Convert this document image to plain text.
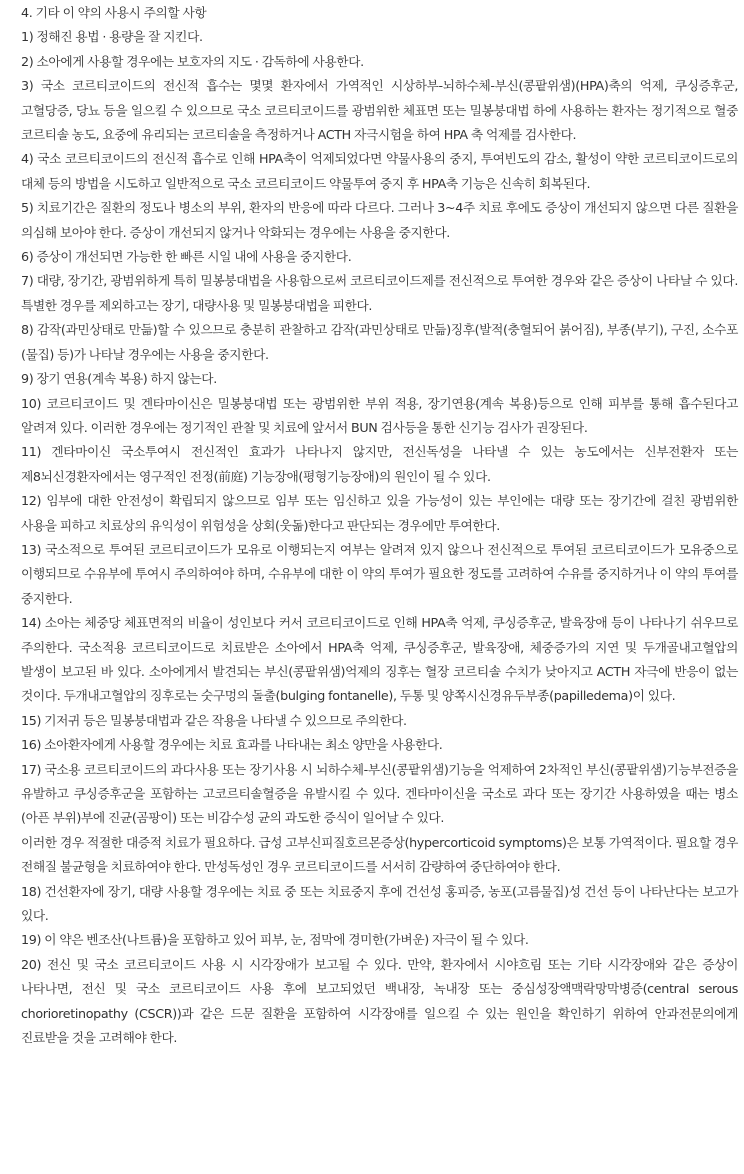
4. 기타 이 약의 사용시 주의할 사항

1) 정해진 용법 · 용량을 잘 지킨다.

2) 소아에게 사용할 경우에는 보호자의 지도 · 감독하에 사용한다.

3) 국소 코르티코이드의 전신적 흡수는 몇몇 환자에서 가역적인 시상하부-뇌하수체-부신(콩팥위샘)(HPA)축의 억제, 쿠싱증후군, 고혈당증, 당뇨 등을 일으킬 수 있으므로 국소 코르티코이드를 광범위한 체표면 또는 밀봉붕대법 하에 사용하는 환자는 정기적으로 혈중 코르티솔 농도, 요중에 유리되는 코르티솔을 측정하거나 ACTH 자극시험을 하여 HPA 축 억제를 검사한다.

4) 국소 코르티코이드의 전신적 흡수로 인해 HPA축이 억제되었다면 약물사용의 중지, 투여빈도의 감소, 활성이 약한 코르티코이드로의 대체 등의 방법을 시도하고 일반적으로 국소 코르티코이드 약물투여 중지 후 HPA축 기능은 신속히 회복된다.

5) 치료기간은 질환의 정도나 병소의 부위, 환자의 반응에 따라 다르다. 그러나 3~4주 치료 후에도 증상이 개선되지 않으면 다른 질환을 의심해 보아야 한다. 증상이 개선되지 않거나 악화되는 경우에는 사용을 중지한다.

6) 증상이 개선되면 가능한 한 빠른 시일 내에 사용을 중지한다.

7) 대량, 장기간, 광범위하게 특히 밀봉붕대법을 사용함으로써 코르티코이드제를 전신적으로 투여한 경우와 같은 증상이 나타날 수 있다. 특별한 경우를 제외하고는 장기, 대량사용 및 밀봉붕대법을 피한다.

8) 감작(과민상태로 만듦)할 수 있으므로 충분히 관찰하고 감작(과민상태로 만듦)징후(발적(충혈되어 붉어짐), 부종(부기), 구진, 소수포(물집) 등)가 나타날 경우에는 사용을 중지한다.

9) 장기 연용(계속 복용) 하지 않는다.

10) 코르티코이드 및 겐타마이신은 밀봉붕대법 또는 광범위한 부위 적용, 장기연용(계속 복용)등으로 인해 피부를 통해 흡수된다고 알려져 있다. 이러한 경우에는 정기적인 관찰 및 치료에 앞서서 BUN 검사등을 통한 신기능 검사가 권장된다.

11) 겐타마이신 국소투여시 전신적인 효과가 나타나지 않지만, 전신독성을 나타낼 수 있는 농도에서는 신부전환자 또는 제8뇌신경환자에서는 영구적인 전정(前庭) 기능장애(평형기능장애)의 원인이 될 수 있다.

12) 임부에 대한 안전성이 확립되지 않으므로 임부 또는 임신하고 있을 가능성이 있는 부인에는 대량 또는 장기간에 걸친 광범위한 사용을 피하고 치료상의 유익성이 위험성을 상회(웃돎)한다고 판단되는 경우에만 투여한다.

13) 국소적으로 투여된 코르티코이드가 모유로 이행되는지 여부는 알려져 있지 않으나 전신적으로 투여된 코르티코이드가 모유중으로 이행되므로 수유부에 투여시 주의하여야 하며, 수유부에 대한 이 약의 투여가 필요한 정도를 고려하여 수유를 중지하거나 이 약의 투여를 중지한다.

14) 소아는 체중당 체표면적의 비율이 성인보다 커서 코르티코이드로 인해 HPA축 억제, 쿠싱증후군, 발육장애 등이 나타나기 쉬우므로 주의한다. 국소적용 코르티코이드로 치료받은 소아에서 HPA축 억제, 쿠싱증후군, 발육장애, 체중증가의 지연 및 두개골내고혈압의 발생이 보고된 바 있다. 소아에게서 발견되는 부신(콩팥위샘)억제의 징후는 혈장 코르티솔 수치가 낮아지고 ACTH 자극에 반응이 없는 것이다. 두개내고혈압의 징후로는 숫구멍의 돌출(bulging fontanelle), 두통 및 양쪽시신경유두부종(papilledema)이 있다.

15) 기저귀 등은 밀봉붕대법과 같은 작용을 나타낼 수 있으므로 주의한다.

16) 소아환자에게 사용할 경우에는 치료 효과를 나타내는 최소 양만을 사용한다.

17) 국소용 코르티코이드의 과다사용 또는 장기사용 시 뇌하수체-부신(콩팥위샘)기능을 억제하여 2차적인 부신(콩팥위샘)기능부전증을 유발하고 쿠싱증후군을 포함하는 고코르티솔혈증을 유발시킬 수 있다. 겐타마이신을 국소로 과다 또는 장기간 사용하였을 때는 병소(아픈 부위)부에 진균(곰팡이) 또는 비감수성 균의 과도한 증식이 일어날 수 있다.

이러한 경우 적절한 대증적 치료가 필요하다. 급성 고부신피질호르몬증상(hypercorticoid symptoms)은 보통 가역적이다. 필요할 경우 전해질 불균형을 치료하여야 한다. 만성독성인 경우 코르티코이드를 서서히 감량하여 중단하여야 한다.

18) 건선환자에 장기, 대량 사용할 경우에는 치료 중 또는 치료중지 후에 건선성 홍피증, 농포(고름물집)성 건선 등이 나타난다는 보고가 있다.

19) 이 약은 벤조산(나트륨)을 포함하고 있어 피부, 눈, 점막에 경미한(가벼운) 자극이 될 수 있다.

20) 전신 및 국소 코르티코이드 사용 시 시각장애가 보고될 수 있다. 만약, 환자에서 시야흐림 또는 기타 시각장애와 같은 증상이 나타나면, 전신 및 국소 코르티코이드 사용 후에 보고되었던 백내장, 녹내장 또는 중심성장액맥락망막병증(central serous chorioretinopathy (CSCR))과 같은 드문 질환을 포함하여 시각장애를 일으킬 수 있는 원인을 확인하기 위하여 안과전문의에게 진료받을 것을 고려해야 한다.
